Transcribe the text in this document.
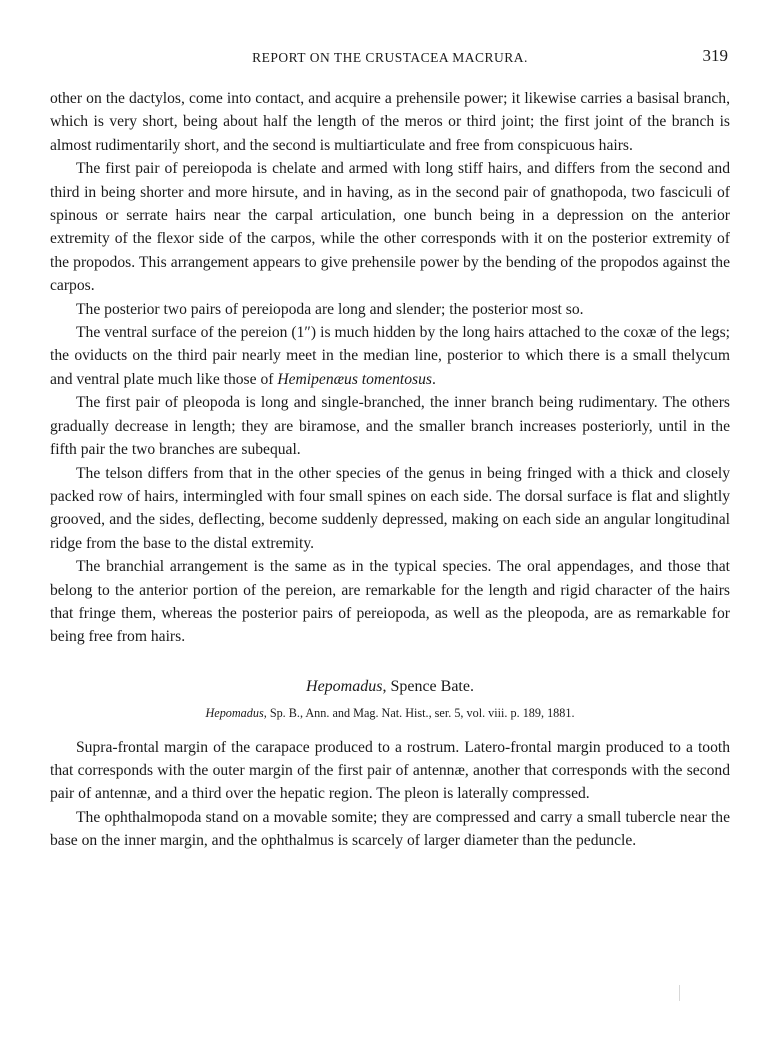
REPORT ON THE CRUSTACEA MACRURA.	319

other on the dactylos, come into contact, and acquire a prehensile power; it likewise carries a basisal branch, which is very short, being about half the length of the meros or third joint; the first joint of the branch is almost rudimentarily short, and the second is multiarticulate and free from conspicuous hairs.

The first pair of pereiopoda is chelate and armed with long stiff hairs, and differs from the second and third in being shorter and more hirsute, and in having, as in the second pair of gnathopoda, two fasciculi of spinous or serrate hairs near the carpal articulation, one bunch being in a depression on the anterior extremity of the flexor side of the carpos, while the other corresponds with it on the posterior extremity of the propodos. This arrangement appears to give prehensile power by the bending of the propodos against the carpos.

The posterior two pairs of pereiopoda are long and slender; the posterior most so.

The ventral surface of the pereion (1″) is much hidden by the long hairs attached to the coxæ of the legs; the oviducts on the third pair nearly meet in the median line, posterior to which there is a small thelycum and ventral plate much like those of Hemipenæus tomentosus.

The first pair of pleopoda is long and single-branched, the inner branch being rudimentary. The others gradually decrease in length; they are biramose, and the smaller branch increases posteriorly, until in the fifth pair the two branches are subequal.

The telson differs from that in the other species of the genus in being fringed with a thick and closely packed row of hairs, intermingled with four small spines on each side. The dorsal surface is flat and slightly grooved, and the sides, deflecting, become suddenly depressed, making on each side an angular longitudinal ridge from the base to the distal extremity.

The branchial arrangement is the same as in the typical species. The oral appendages, and those that belong to the anterior portion of the pereion, are remarkable for the length and rigid character of the hairs that fringe them, whereas the posterior pairs of pereiopoda, as well as the pleopoda, are as remarkable for being free from hairs.

Hepomadus, Spence Bate.
Hepomadus, Sp. B., Ann. and Mag. Nat. Hist., ser. 5, vol. viii. p. 189, 1881.

Supra-frontal margin of the carapace produced to a rostrum. Latero-frontal margin produced to a tooth that corresponds with the outer margin of the first pair of antennæ, another that corresponds with the second pair of antennæ, and a third over the hepatic region. The pleon is laterally compressed.

The ophthalmopoda stand on a movable somite; they are compressed and carry a small tubercle near the base on the inner margin, and the ophthalmus is scarcely of larger diameter than the peduncle.
